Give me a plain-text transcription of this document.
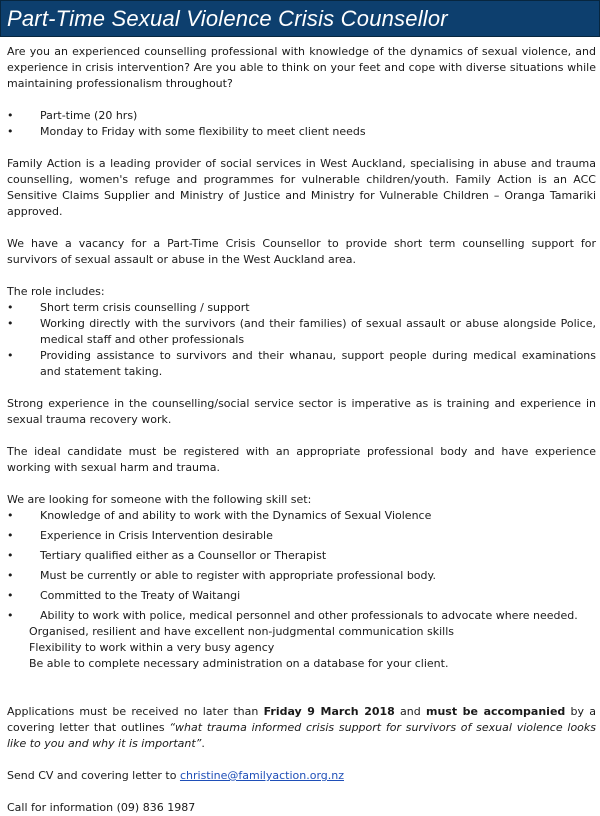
Part-Time Sexual Violence Crisis Counsellor

Are you an experienced counselling professional with knowledge of the dynamics of sexual violence, and experience in crisis intervention? Are you able to think on your feet and cope with diverse situations while maintaining professionalism throughout?

• Part-time (20 hrs)
• Monday to Friday with some flexibility to meet client needs

Family Action is a leading provider of social services in West Auckland, specialising in abuse and trauma counselling, women's refuge and programmes for vulnerable children/youth. Family Action is an ACC Sensitive Claims Supplier and Ministry of Justice and Ministry for Vulnerable Children – Oranga Tamariki approved.

We have a vacancy for a Part-Time Crisis Counsellor to provide short term counselling support for survivors of sexual assault or abuse in the West Auckland area.

The role includes:

• Short term crisis counselling / support
• Working directly with the survivors (and their families) of sexual assault or abuse alongside Police, medical staff and other professionals
• Providing assistance to survivors and their whanau, support people during medical examinations and statement taking.

Strong experience in the counselling/social service sector is imperative as is training and experience in sexual trauma recovery work.

The ideal candidate must be registered with an appropriate professional body and have experience working with sexual harm and trauma.

We are looking for someone with the following skill set:

• Knowledge of and ability to work with the Dynamics of Sexual Violence
• Experience in Crisis Intervention desirable
• Tertiary qualified either as a Counsellor or Therapist
• Must be currently or able to register with appropriate professional body.
• Committed to the Treaty of Waitangi
• Ability to work with police, medical personnel and other professionals to advocate where needed.

Organised, resilient and have excellent non-judgmental communication skills

Flexibility to work within a very busy agency

Be able to complete necessary administration on a database for your client.

Applications must be received no later than Friday 9 March 2018 and must be accompanied by a covering letter that outlines “what trauma informed crisis support for survivors of sexual violence looks like to you and why it is important”.

Send CV and covering letter to christine@familyaction.org.nz

Call for information (09) 836 1987
